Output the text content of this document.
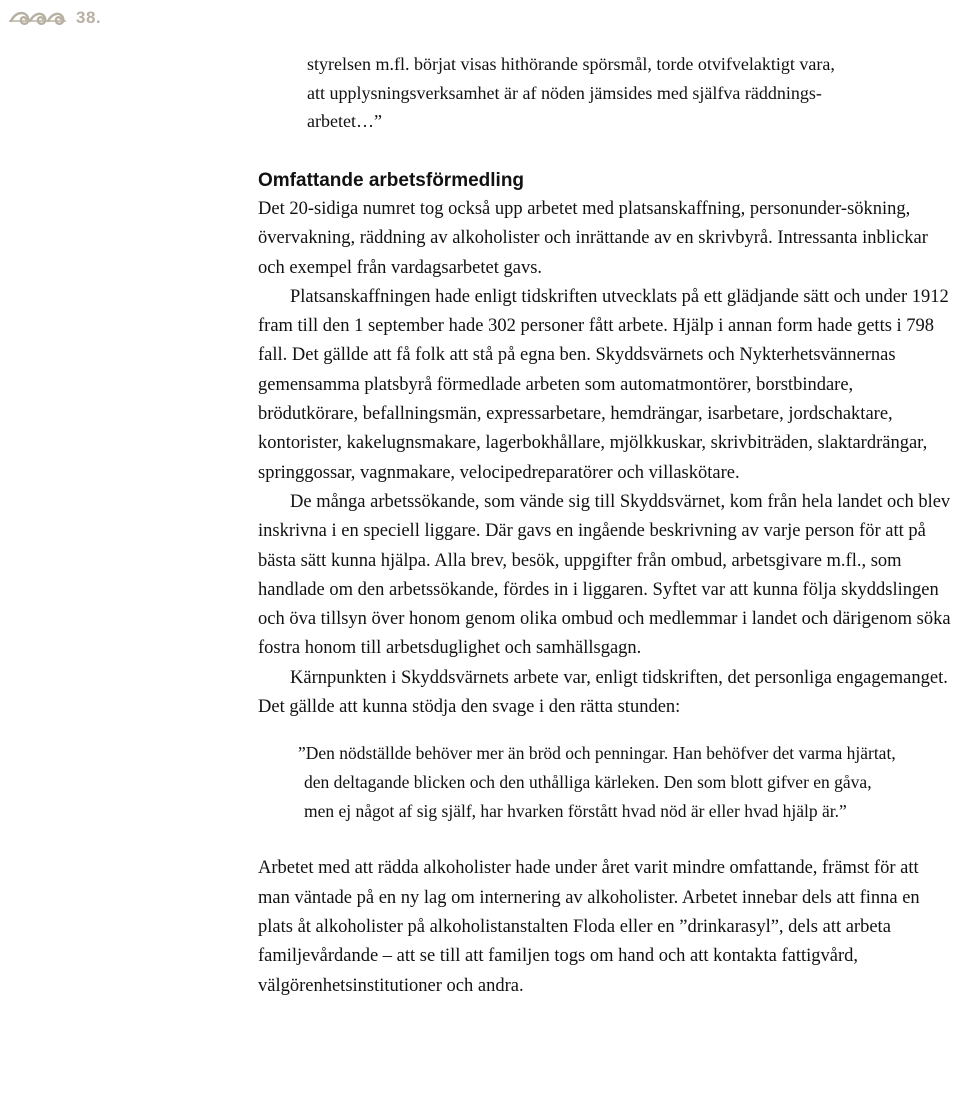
38.
styrelsen m.fl. börjat visas hithörande spörsmål, torde otvifvelaktigt vara,
att upplysningsverksamhet är af nöden jämsides med själfva räddnings-
arbetet…”
Omfattande arbetsförmedling

Det 20-sidiga numret tog också upp arbetet med platsanskaffning, personunder-sökning, övervakning, räddning av alkoholister och inrättande av en skrivbyrå. Intressanta inblickar och exempel från vardagsarbetet gavs.

Platsanskaffningen hade enligt tidskriften utvecklats på ett glädjande sätt och under 1912 fram till den 1 september hade 302 personer fått arbete. Hjälp i annan form hade getts i 798 fall. Det gällde att få folk att stå på egna ben. Skyddsvärnets och Nykterhetsvännernas gemensamma platsbyrå förmedlade arbeten som automatmontörer, borstbindare, brödutkörare, befallningsmän, expressarbetare, hemdrängar, isarbetare, jordschaktare, kontorister, kakelugnsmakare, lagerbokhållare, mjölkkuskar, skrivbiträden, slaktardrängar, springgossar, vagnmakare, velocipedreparatörer och villaskötare.

De många arbetssökande, som vände sig till Skyddsvärnet, kom från hela landet och blev inskrivna i en speciell liggare. Där gavs en ingående beskrivning av varje person för att på bästa sätt kunna hjälpa. Alla brev, besök, uppgifter från ombud, arbetsgivare m.fl., som handlade om den arbetssökande, fördes in i liggaren. Syftet var att kunna följa skyddslingen och öva tillsyn över honom genom olika ombud och medlemmar i landet och därigenom söka fostra honom till arbetsduglighet och samhällsgagn.

Kärnpunkten i Skyddsvärnets arbete var, enligt tidskriften, det personliga engagemanget. Det gällde att kunna stödja den svage i den rätta stunden:

”Den nödställde behöver mer än bröd och penningar. Han behöfver det varma hjärtat, den deltagande blicken och den uthålliga kärleken. Den som blott gifver en gåva, men ej något af sig själf, har hvarken förstått hvad nöd är eller hvad hjälp är.”

Arbetet med att rädda alkoholister hade under året varit mindre omfattande, främst för att man väntade på en ny lag om internering av alkoholister. Arbetet innebar dels att finna en plats åt alkoholister på alkoholistanstalten Floda eller en ”drinkarasyl”, dels att arbeta familjevårdande – att se till att familjen togs om hand och att kontakta fattigvård, välgörenhetsinstitutioner och andra.
